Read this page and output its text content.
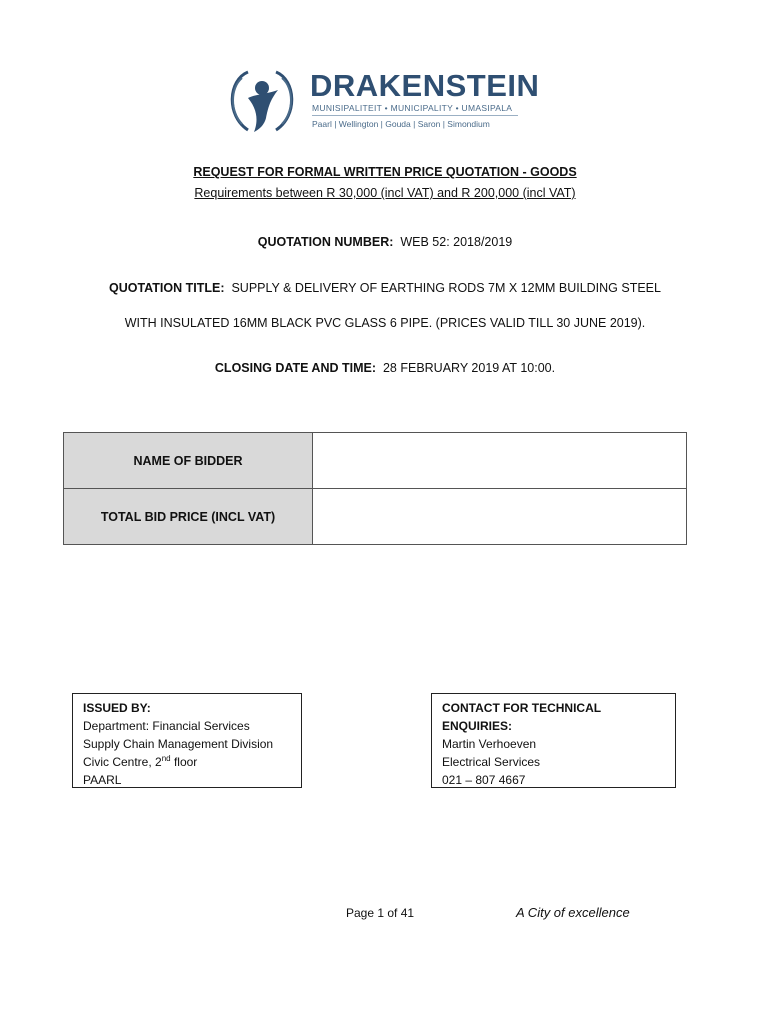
DRAKENSTEIN
MUNISIPALITEIT • MUNICIPALITY • UMASIPALA
Paarl | Wellington | Gouda | Saron | Simondium
REQUEST FOR FORMAL WRITTEN PRICE QUOTATION - GOODS
Requirements between R 30,000 (incl VAT) and R 200,000 (incl VAT)
QUOTATION NUMBER: WEB 52: 2018/2019
QUOTATION TITLE: SUPPLY & DELIVERY OF EARTHING RODS 7M X 12MM BUILDING STEEL
WITH INSULATED 16MM BLACK PVC GLASS 6 PIPE. (PRICES VALID TILL 30 JUNE 2019).
CLOSING DATE AND TIME: 28 FEBRUARY 2019 AT 10:00.
NAME OF BIDDER	
TOTAL BID PRICE (INCL VAT)	
ISSUED BY:
Department: Financial Services
Supply Chain Management Division
Civic Centre, 2nd floor
PAARL
CONTACT FOR TECHNICAL ENQUIRIES:
Martin Verhoeven
Electrical Services
021 – 807 4667
Page 1 of 41	A City of excellence
